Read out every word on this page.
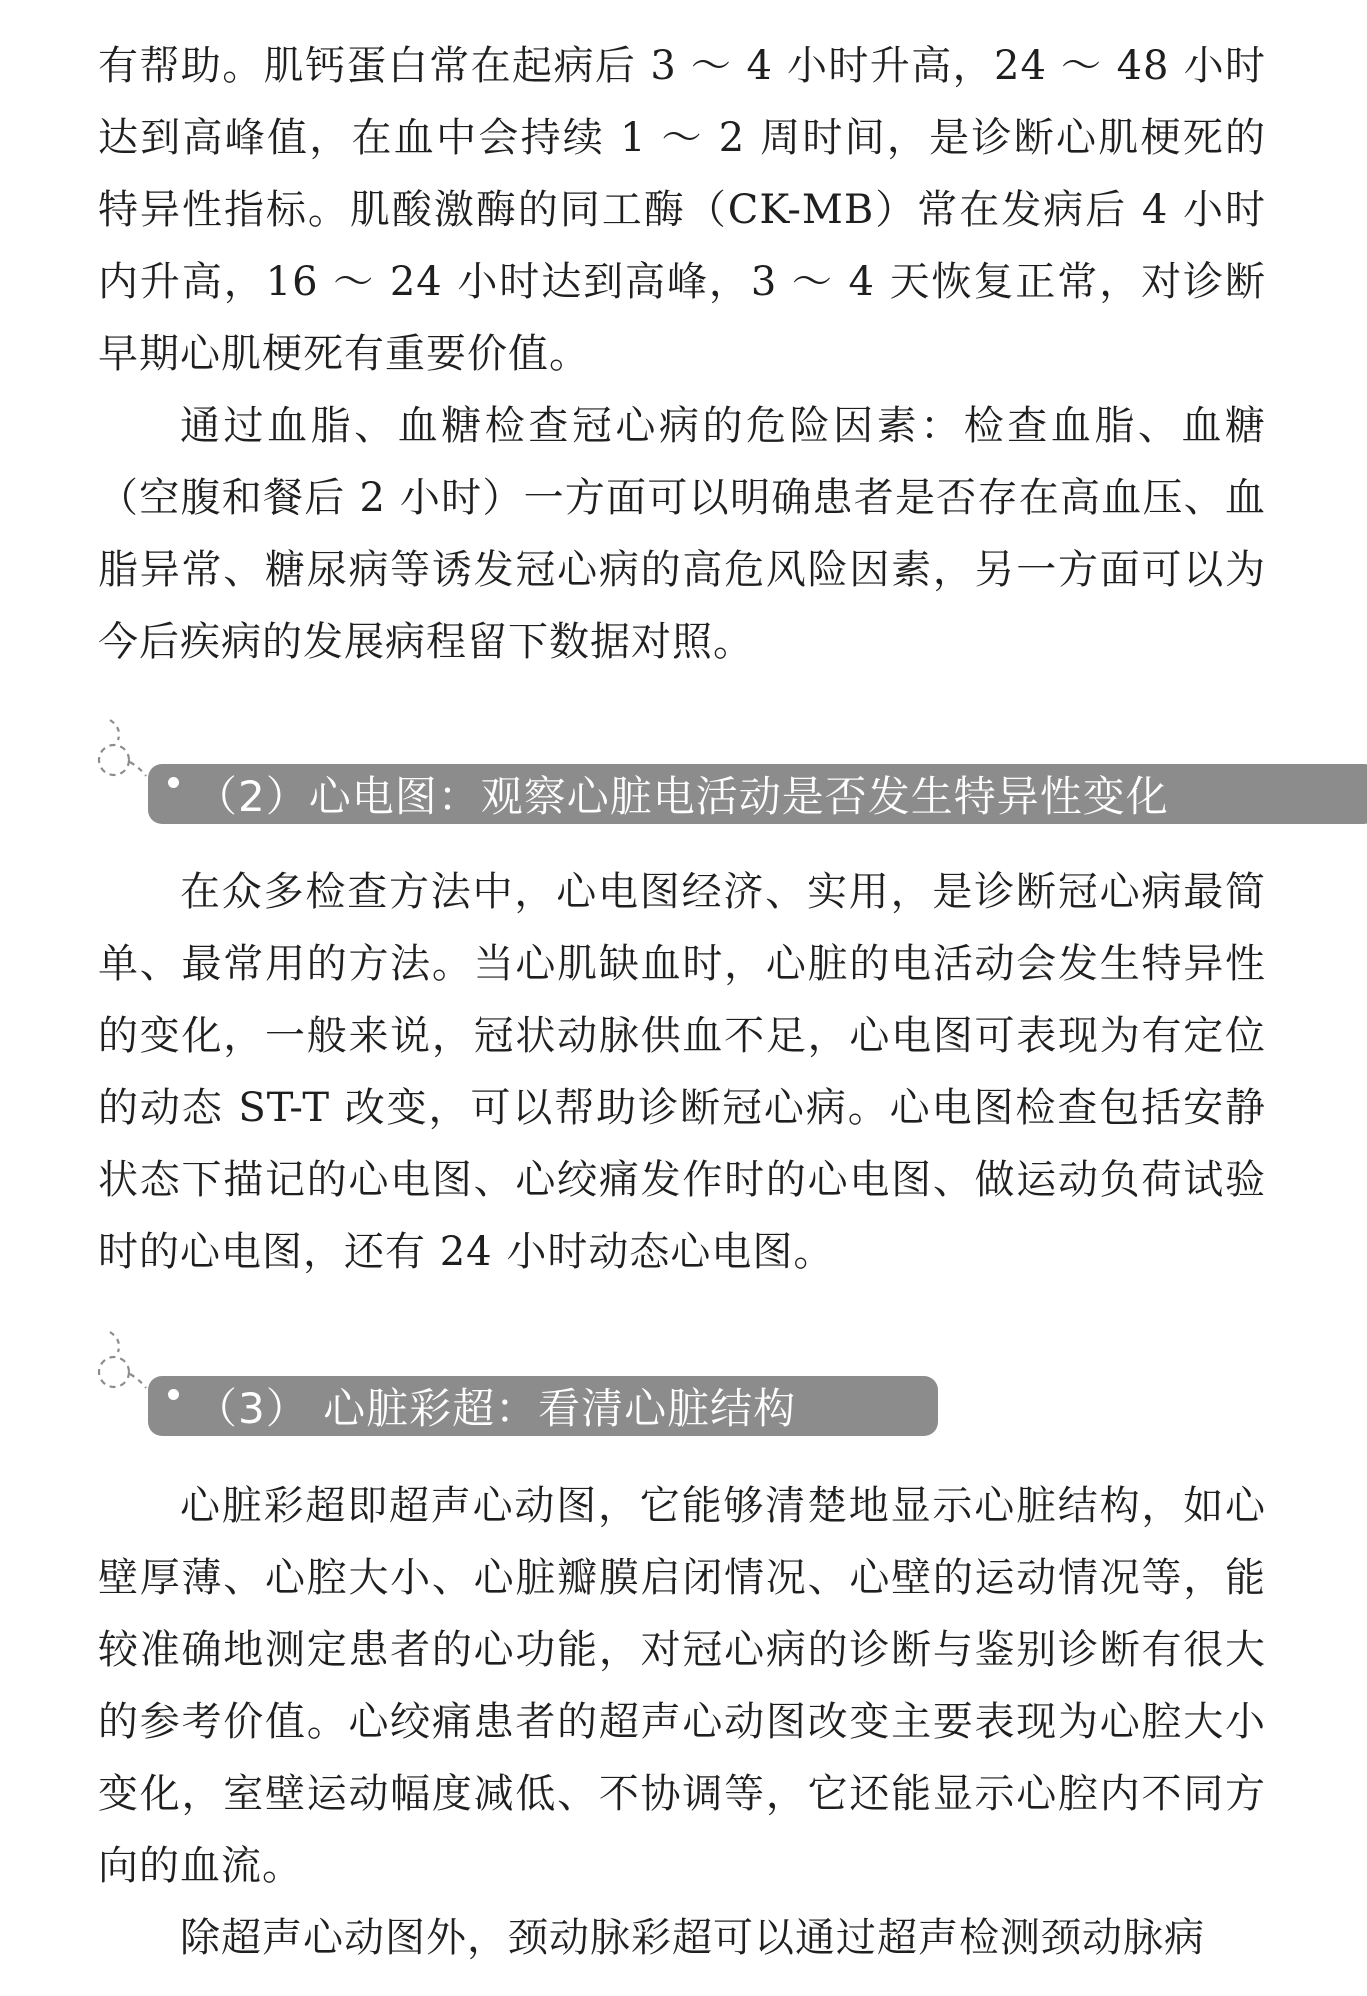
有帮助。肌钙蛋白常在起病后 3 ～ 4 小时升高，24 ～ 48 小时达到高峰值，在血中会持续 1 ～ 2 周时间，是诊断心肌梗死的特异性指标。肌酸激酶的同工酶（CK-MB）常在发病后 4 小时内升高，16 ～ 24 小时达到高峰，3 ～ 4 天恢复正常，对诊断早期心肌梗死有重要价值。

通过血脂、血糖检查冠心病的危险因素：检查血脂、血糖（空腹和餐后 2 小时）一方面可以明确患者是否存在高血压、血脂异常、糖尿病等诱发冠心病的高危风险因素，另一方面可以为今后疾病的发展病程留下数据对照。

（2）心电图：观察心脏电活动是否发生特异性变化

在众多检查方法中，心电图经济、实用，是诊断冠心病最简单、最常用的方法。当心肌缺血时，心脏的电活动会发生特异性的变化，一般来说，冠状动脉供血不足，心电图可表现为有定位的动态 ST-T 改变，可以帮助诊断冠心病。心电图检查包括安静状态下描记的心电图、心绞痛发作时的心电图、做运动负荷试验时的心电图，还有 24 小时动态心电图。

（3） 心脏彩超：看清心脏结构

心脏彩超即超声心动图，它能够清楚地显示心脏结构，如心壁厚薄、心腔大小、心脏瓣膜启闭情况、心壁的运动情况等，能较准确地测定患者的心功能，对冠心病的诊断与鉴别诊断有很大的参考价值。心绞痛患者的超声心动图改变主要表现为心腔大小变化，室壁运动幅度减低、不协调等，它还能显示心腔内不同方向的血流。

除超声心动图外，颈动脉彩超可以通过超声检测颈动脉病
